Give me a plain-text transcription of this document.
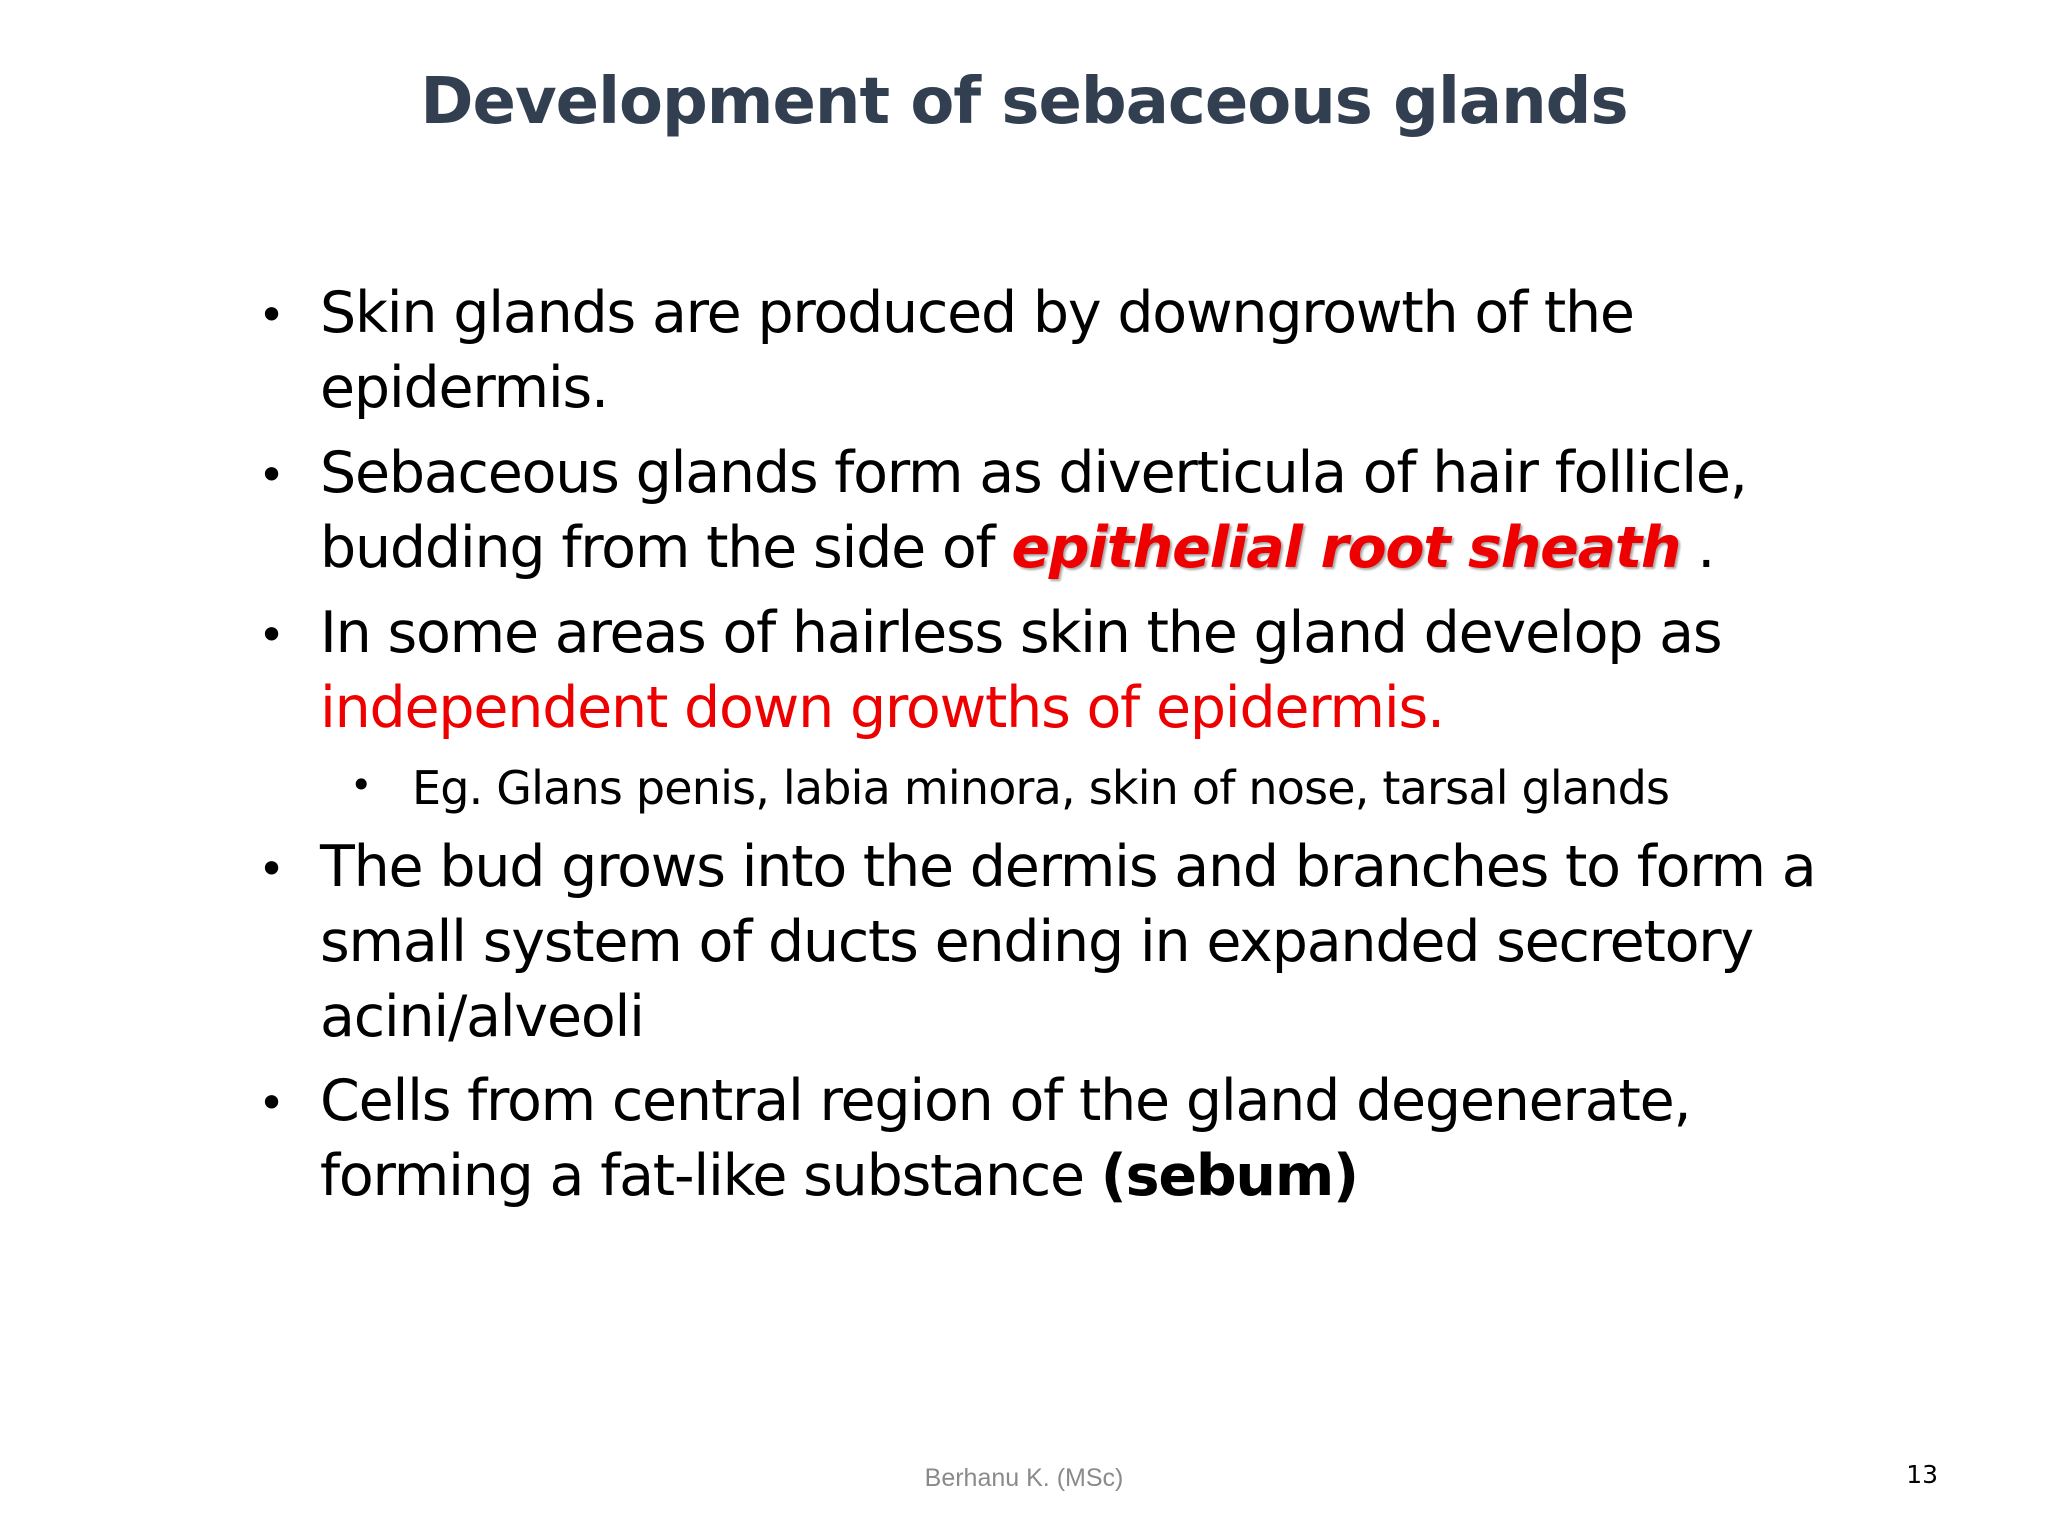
Development of sebaceous glands
• Skin glands are produced by downgrowth of the
epidermis.
• Sebaceous glands form as diverticula of hair follicle,
budding from the side of epithelial root sheath .
• In some areas of hairless skin the gland develop as
independent down growths of epidermis.
• Eg. Glans penis, labia minora, skin of nose, tarsal glands
• The bud grows into the dermis and branches to form a
small system of ducts ending in expanded secretory
acini/alveoli
• Cells from central region of the gland degenerate,
forming a fat-like substance (sebum)
Berhanu K. (MSc)	13
